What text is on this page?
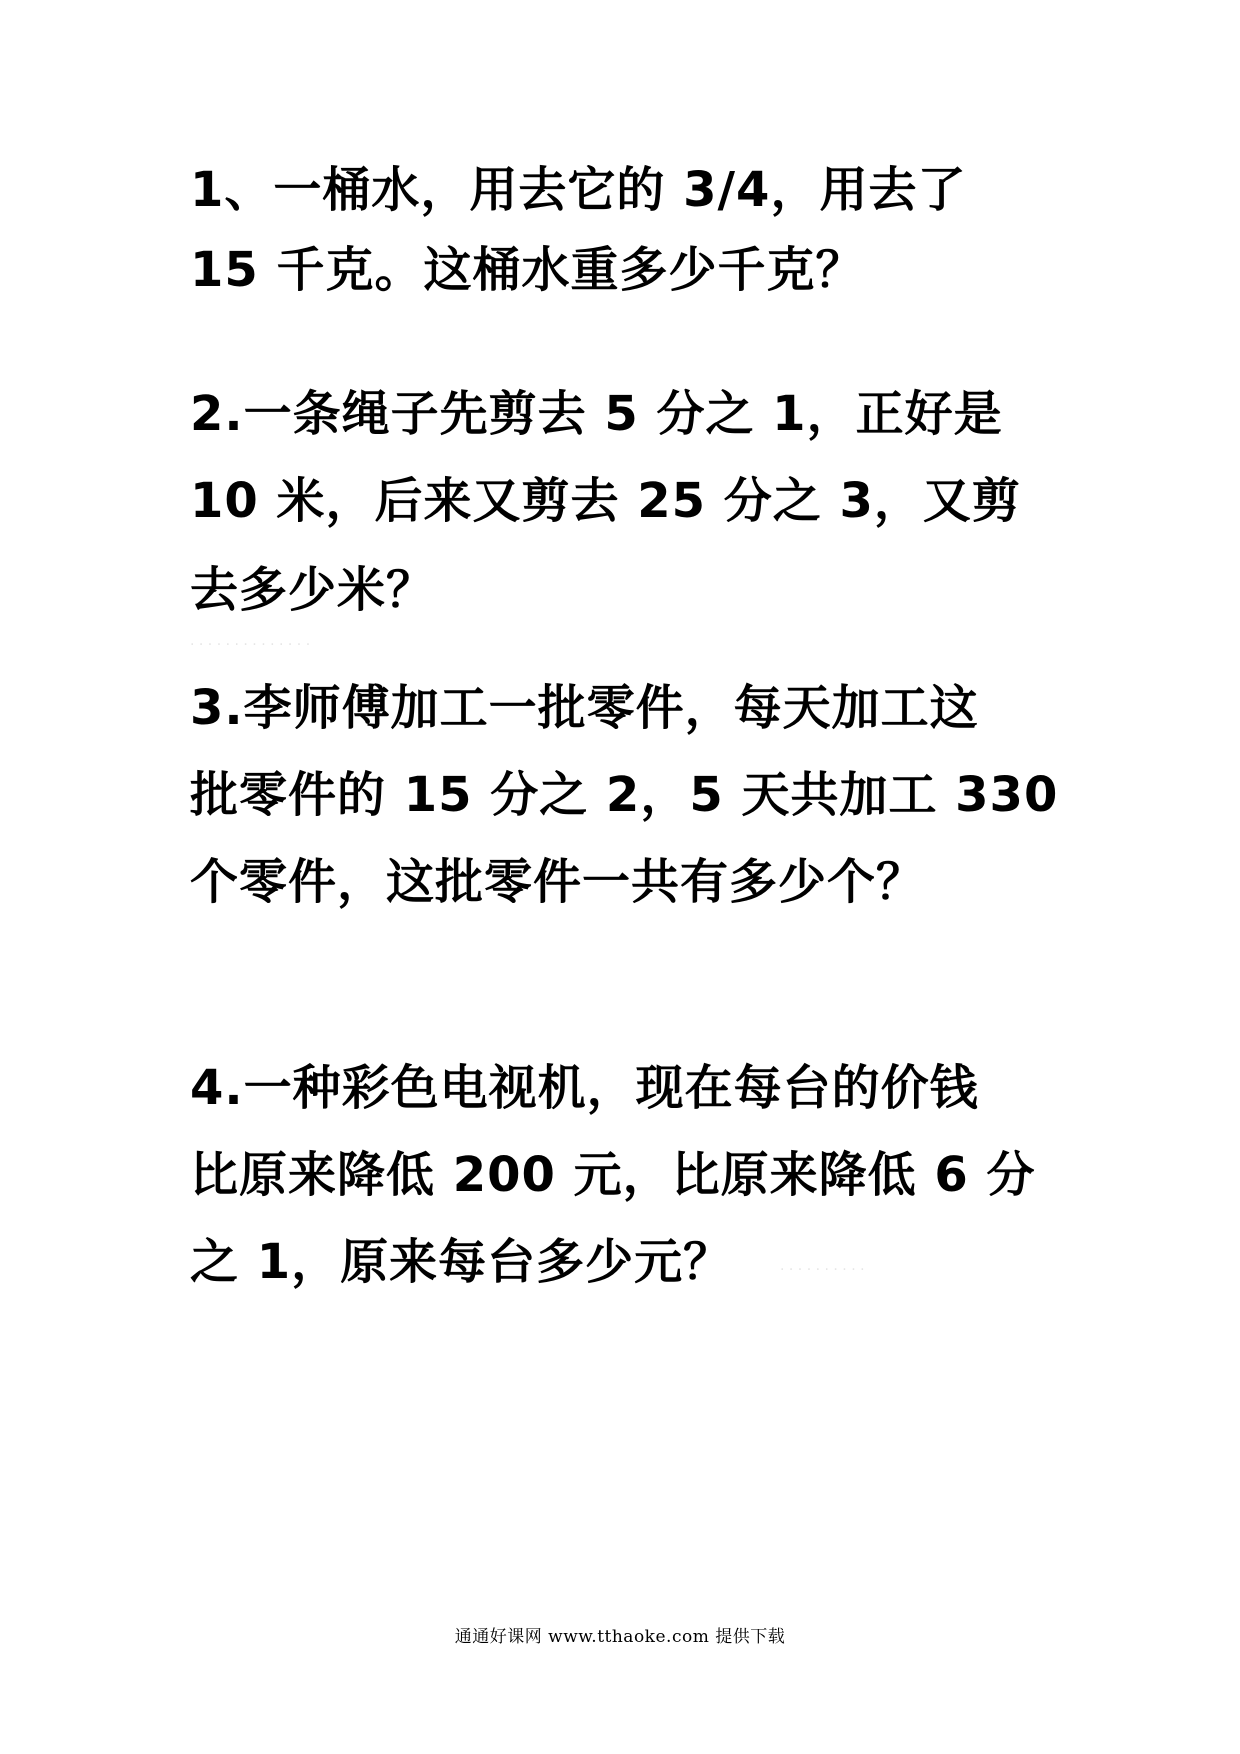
1、一桶水，用去它的 3/4，用去了

15 千克。这桶水重多少千克？

2.一条绳子先剪去 5 分之 1，正好是

10 米，后来又剪去 25 分之 3，又剪

去多少米？

· · · · · · · · · · · · · ·

3.李师傅加工一批零件，每天加工这

批零件的 15 分之 2，5 天共加工 330

个零件，这批零件一共有多少个？

4.一种彩色电视机，现在每台的价钱

比原来降低 200 元，比原来降低 6 分

之 1，原来每台多少元？	· · · · · · · · · ·
通通好课网 www.tthaoke.com 提供下载
